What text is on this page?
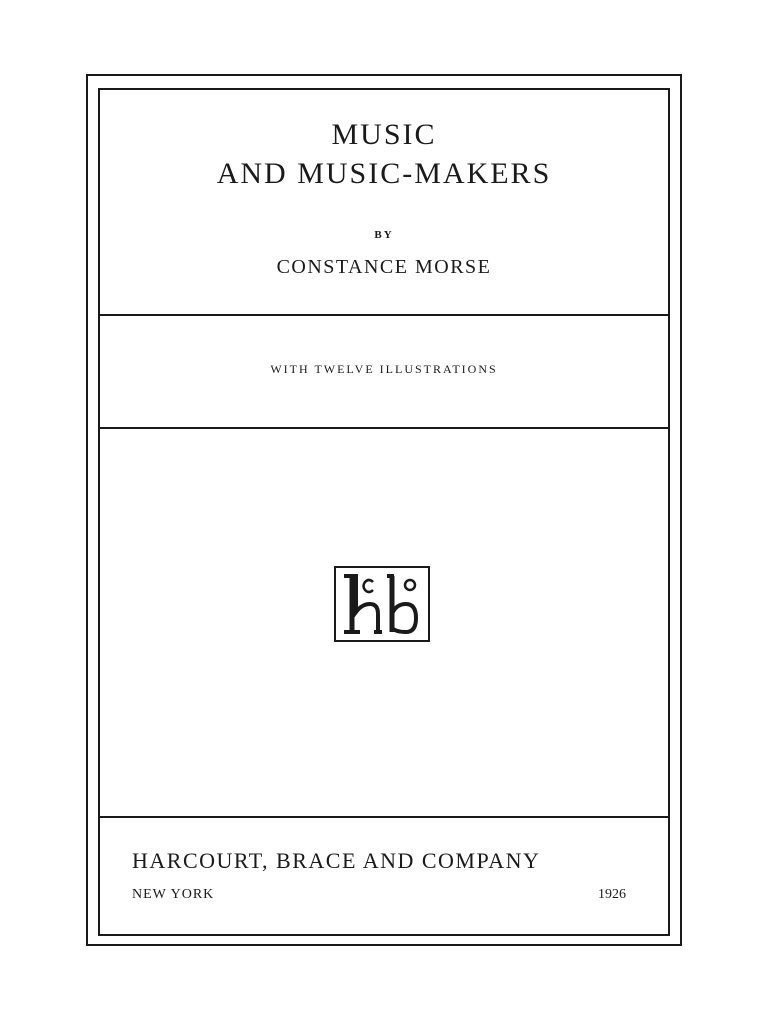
MUSIC
AND MUSIC-MAKERS
BY
CONSTANCE MORSE
WITH TWELVE ILLUSTRATIONS
HARCOURT, BRACE AND COMPANY
NEW YORK	1926
